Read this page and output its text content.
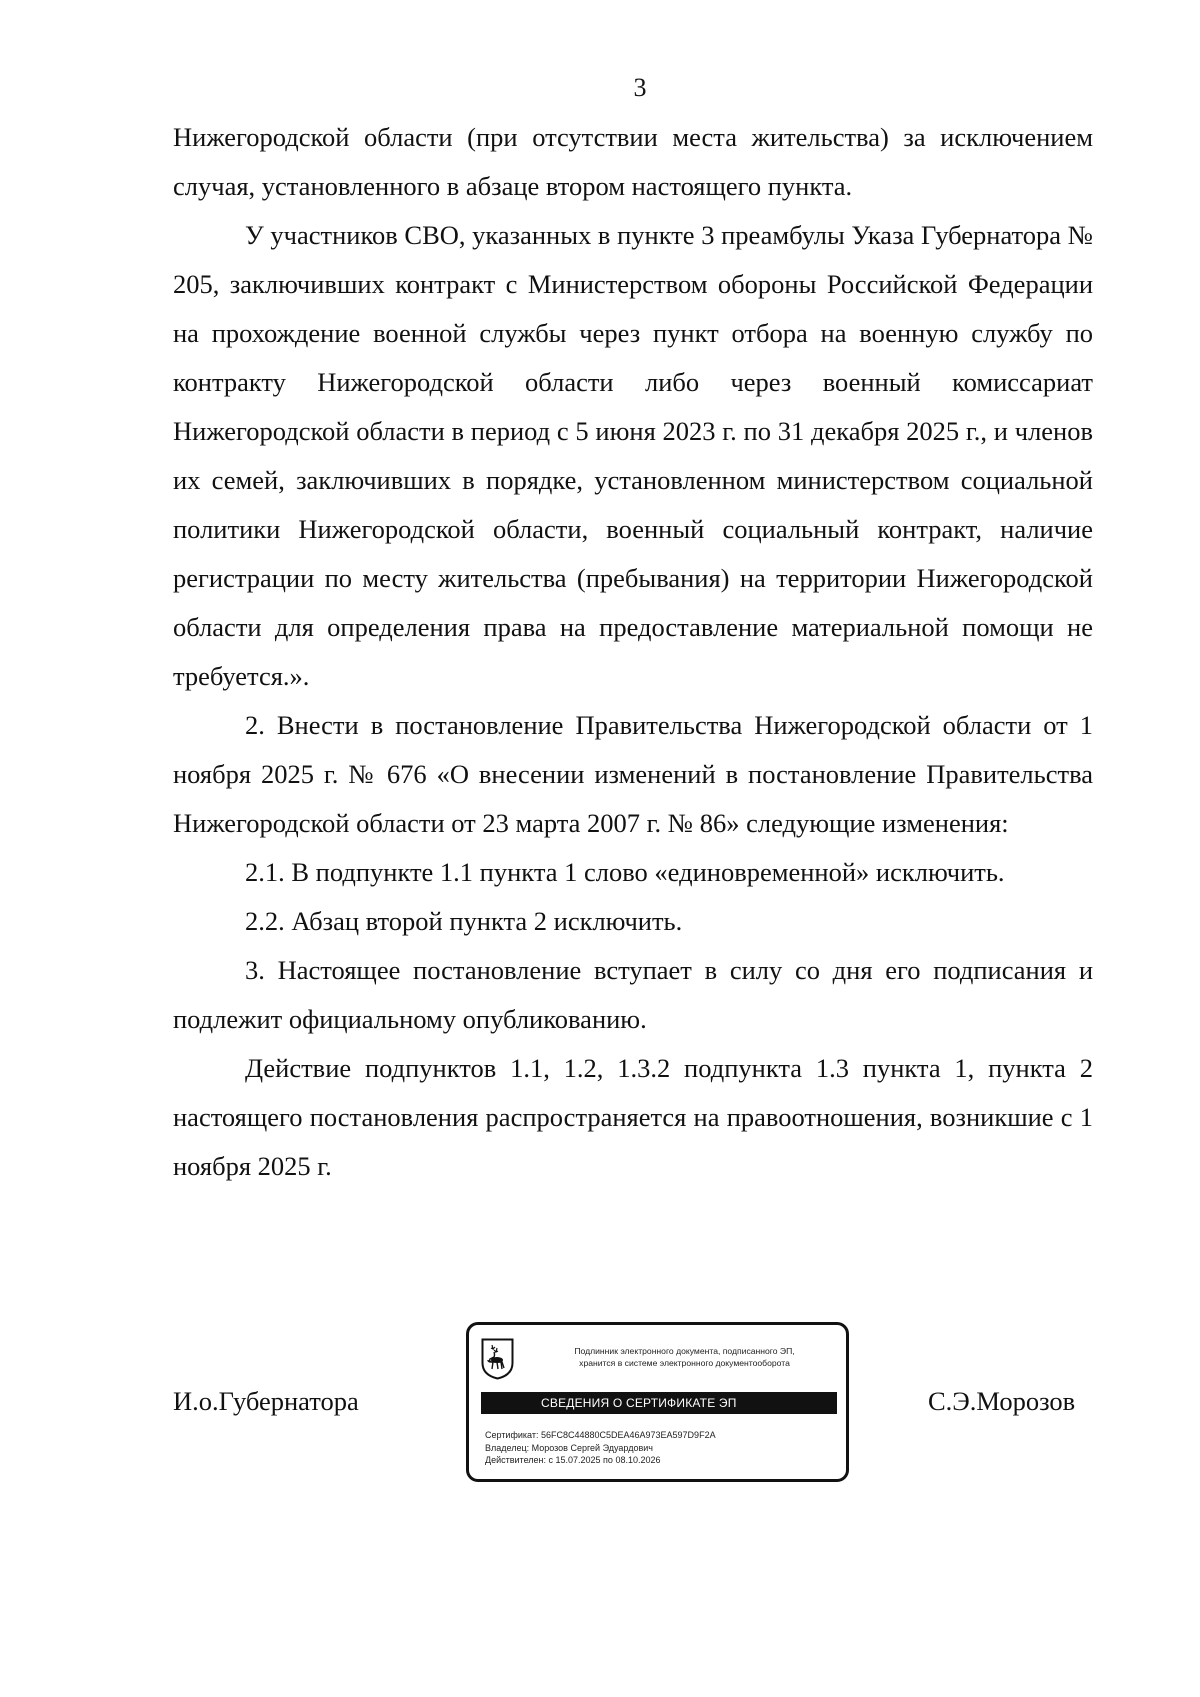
3

Нижегородской области (при отсутствии места жительства) за исключением случая, установленного в абзаце втором настоящего пункта.

У участников СВО, указанных в пункте 3 преамбулы Указа Губернатора № 205, заключивших контракт с Министерством обороны Российской Федерации на прохождение военной службы через пункт отбора на военную службу по контракту Нижегородской области либо через военный комиссариат Нижегородской области в период с 5 июня 2023 г. по 31 декабря 2025 г., и членов их семей, заключивших в порядке, установленном министерством социальной политики Нижегородской области, военный социальный контракт, наличие регистрации по месту жительства (пребывания) на территории Нижегородской области для определения права на предоставление материальной помощи не требуется.».

2. Внести в постановление Правительства Нижегородской области от 1 ноября 2025 г. № 676 «О внесении изменений в постановление Правительства Нижегородской области от 23 марта 2007 г. № 86» следующие изменения:

2.1. В подпункте 1.1 пункта 1 слово «единовременной» исключить.

2.2. Абзац второй пункта 2 исключить.

3. Настоящее постановление вступает в силу со дня его подписания и подлежит официальному опубликованию.

Действие подпунктов 1.1, 1.2, 1.3.2 подпункта 1.3 пункта 1, пункта 2 настоящего постановления распространяется на правоотношения, возникшие с 1 ноября 2025 г.

И.о.Губернатора	С.Э.Морозов
Подлинник электронного документа, подписанного ЭП,
хранится в системе электронного документооборота
СВЕДЕНИЯ О СЕРТИФИКАТЕ ЭП
Сертификат: 56FC8C44880C5DEA46A973EA597D9F2A
Владелец: Морозов Сергей Эдуардович
Действителен: с 15.07.2025 по 08.10.2026
